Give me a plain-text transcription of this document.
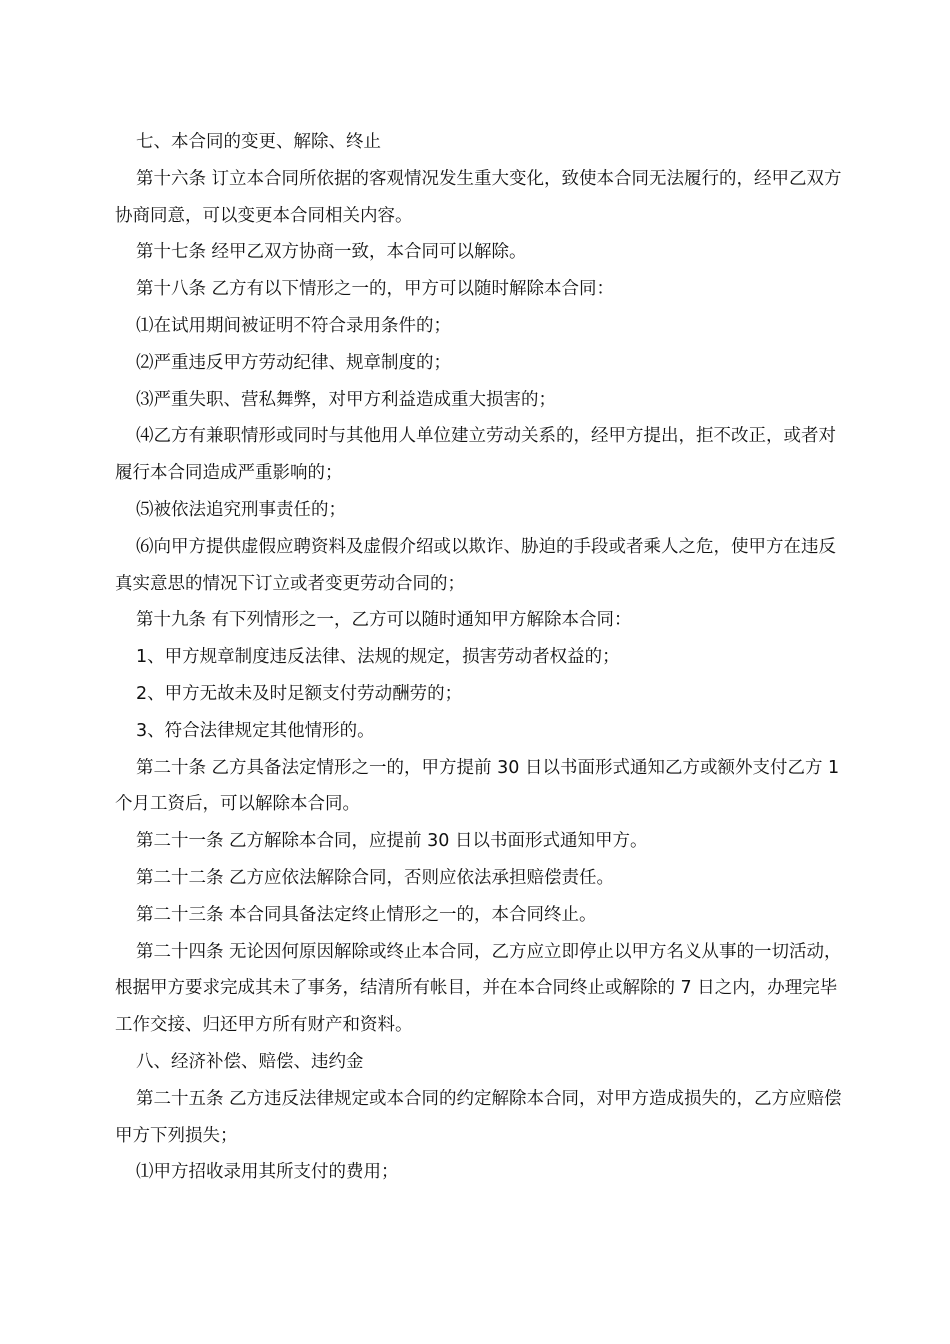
七、本合同的变更、解除、终止

第十六条 订立本合同所依据的客观情况发生重大变化，致使本合同无法履行的，经甲乙双方协商同意，可以变更本合同相关内容。

第十七条 经甲乙双方协商一致，本合同可以解除。

第十八条 乙方有以下情形之一的，甲方可以随时解除本合同：

⑴在试用期间被证明不符合录用条件的；

⑵严重违反甲方劳动纪律、规章制度的；

⑶严重失职、营私舞弊，对甲方利益造成重大损害的；

⑷乙方有兼职情形或同时与其他用人单位建立劳动关系的，经甲方提出，拒不改正，或者对履行本合同造成严重影响的；

⑸被依法追究刑事责任的；

⑹向甲方提供虚假应聘资料及虚假介绍或以欺诈、胁迫的手段或者乘人之危，使甲方在违反真实意思的情况下订立或者变更劳动合同的；

第十九条 有下列情形之一，乙方可以随时通知甲方解除本合同：

1、甲方规章制度违反法律、法规的规定，损害劳动者权益的；

2、甲方无故未及时足额支付劳动酬劳的；

3、符合法律规定其他情形的。

第二十条 乙方具备法定情形之一的，甲方提前 30 日以书面形式通知乙方或额外支付乙方 1 个月工资后，可以解除本合同。

第二十一条 乙方解除本合同，应提前 30 日以书面形式通知甲方。

第二十二条 乙方应依法解除合同，否则应依法承担赔偿责任。

第二十三条 本合同具备法定终止情形之一的，本合同终止。

第二十四条 无论因何原因解除或终止本合同，乙方应立即停止以甲方名义从事的一切活动，根据甲方要求完成其未了事务，结清所有帐目，并在本合同终止或解除的 7 日之内，办理完毕工作交接、归还甲方所有财产和资料。

八、经济补偿、赔偿、违约金

第二十五条 乙方违反法律规定或本合同的约定解除本合同，对甲方造成损失的，乙方应赔偿甲方下列损失；

⑴甲方招收录用其所支付的费用；
